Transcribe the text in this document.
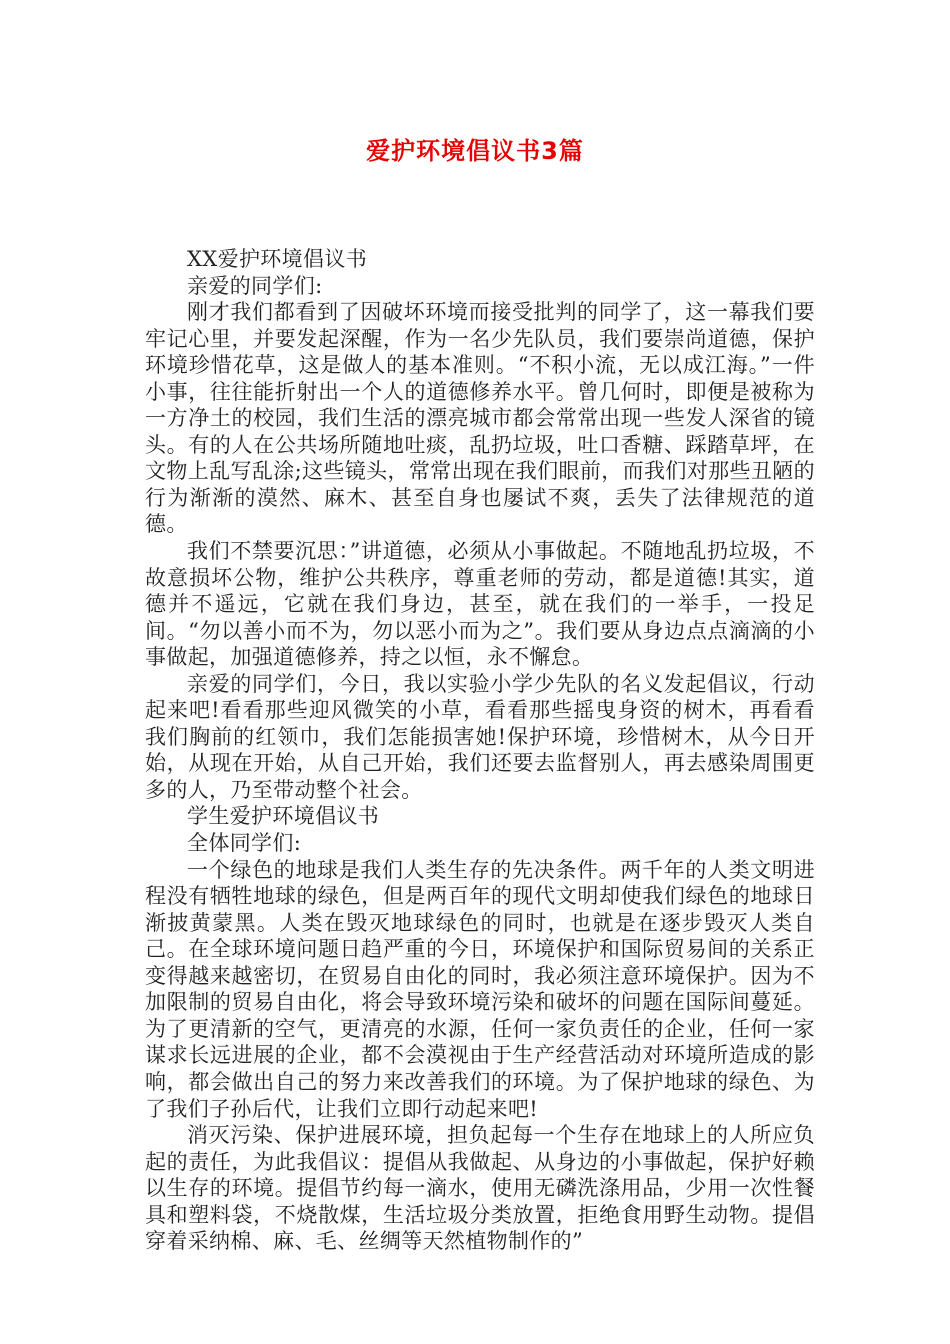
爱护环境倡议书3篇

XX爱护环境倡议书

亲爱的同学们:

刚才我们都看到了因破坏环境而接受批判的同学了，这一幕我们要牢记心里，并要发起深醒，作为一名少先队员，我们要崇尚道德，保护环境珍惜花草，这是做人的基本准则。“不积小流，无以成江海。”一件小事，往往能折射出一个人的道德修养水平。曾几何时，即便是被称为一方净土的校园，我们生活的漂亮城市都会常常出现一些发人深省的镜头。有的人在公共场所随地吐痰，乱扔垃圾，吐口香糖、踩踏草坪，在文物上乱写乱涂;这些镜头，常常出现在我们眼前，而我们对那些丑陋的行为渐渐的漠然、麻木、甚至自身也屡试不爽，丢失了法律规范的道德。

我们不禁要沉思：”讲道德，必须从小事做起。不随地乱扔垃圾，不故意损坏公物，维护公共秩序，尊重老师的劳动，都是道德!其实，道德并不遥远，它就在我们身边，甚至，就在我们的一举手，一投足间。“勿以善小而不为，勿以恶小而为之”。我们要从身边点点滴滴的小事做起，加强道德修养，持之以恒，永不懈怠。

亲爱的同学们，今日，我以实验小学少先队的名义发起倡议，行动起来吧!看看那些迎风微笑的小草，看看那些摇曳身资的树木，再看看我们胸前的红领巾，我们怎能损害她!保护环境，珍惜树木，从今日开始，从现在开始，从自己开始，我们还要去监督别人，再去感染周围更多的人，乃至带动整个社会。

学生爱护环境倡议书

全体同学们:

一个绿色的地球是我们人类生存的先决条件。两千年的人类文明进程没有牺牲地球的绿色，但是两百年的现代文明却使我们绿色的地球日渐披黄蒙黑。人类在毁灭地球绿色的同时，也就是在逐步毁灭人类自己。在全球环境问题日趋严重的今日，环境保护和国际贸易间的关系正变得越来越密切，在贸易自由化的同时，我必须注意环境保护。因为不加限制的贸易自由化，将会导致环境污染和破坏的问题在国际间蔓延。为了更清新的空气，更清亮的水源，任何一家负责任的企业，任何一家谋求长远进展的企业，都不会漠视由于生产经营活动对环境所造成的影响，都会做出自己的努力来改善我们的环境。为了保护地球的绿色、为了我们子孙后代，让我们立即行动起来吧!

消灭污染、保护进展环境，担负起每一个生存在地球上的人所应负起的责任，为此我倡议：提倡从我做起、从身边的小事做起，保护好赖以生存的环境。提倡节约每一滴水，使用无磷洗涤用品，少用一次性餐具和塑料袋，不烧散煤，生活垃圾分类放置，拒绝食用野生动物。提倡穿着采纳棉、麻、毛、丝绸等天然植物制作的”
